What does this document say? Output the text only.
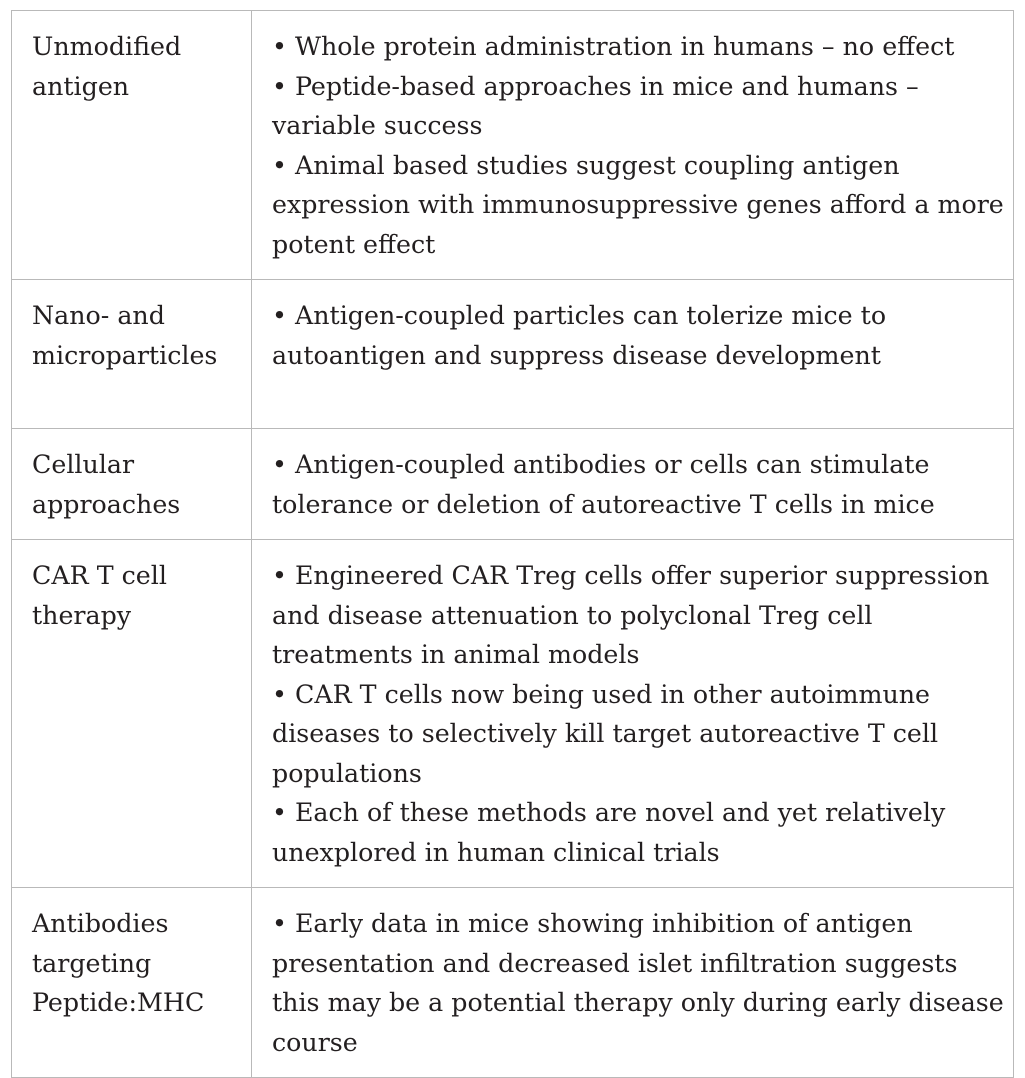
Unmodified antigen	• Whole protein administration in humans – no effect
• Peptide-based approaches in mice and humans – variable success
• Animal based studies suggest coupling antigen expression with immunosuppressive genes afford a more potent effect

Nano- and microparticles	• Antigen-coupled particles can tolerize mice to autoantigen and suppress disease development

Cellular approaches	• Antigen-coupled antibodies or cells can stimulate tolerance or deletion of autoreactive T cells in mice

CAR T cell therapy	• Engineered CAR Treg cells offer superior suppression and disease attenuation to polyclonal Treg cell treatments in animal models
• CAR T cells now being used in other autoimmune diseases to selectively kill target autoreactive T cell populations
• Each of these methods are novel and yet relatively unexplored in human clinical trials

Antibodies targeting Peptide:MHC	• Early data in mice showing inhibition of antigen presentation and decreased islet infiltration suggests this may be a potential therapy only during early disease course
